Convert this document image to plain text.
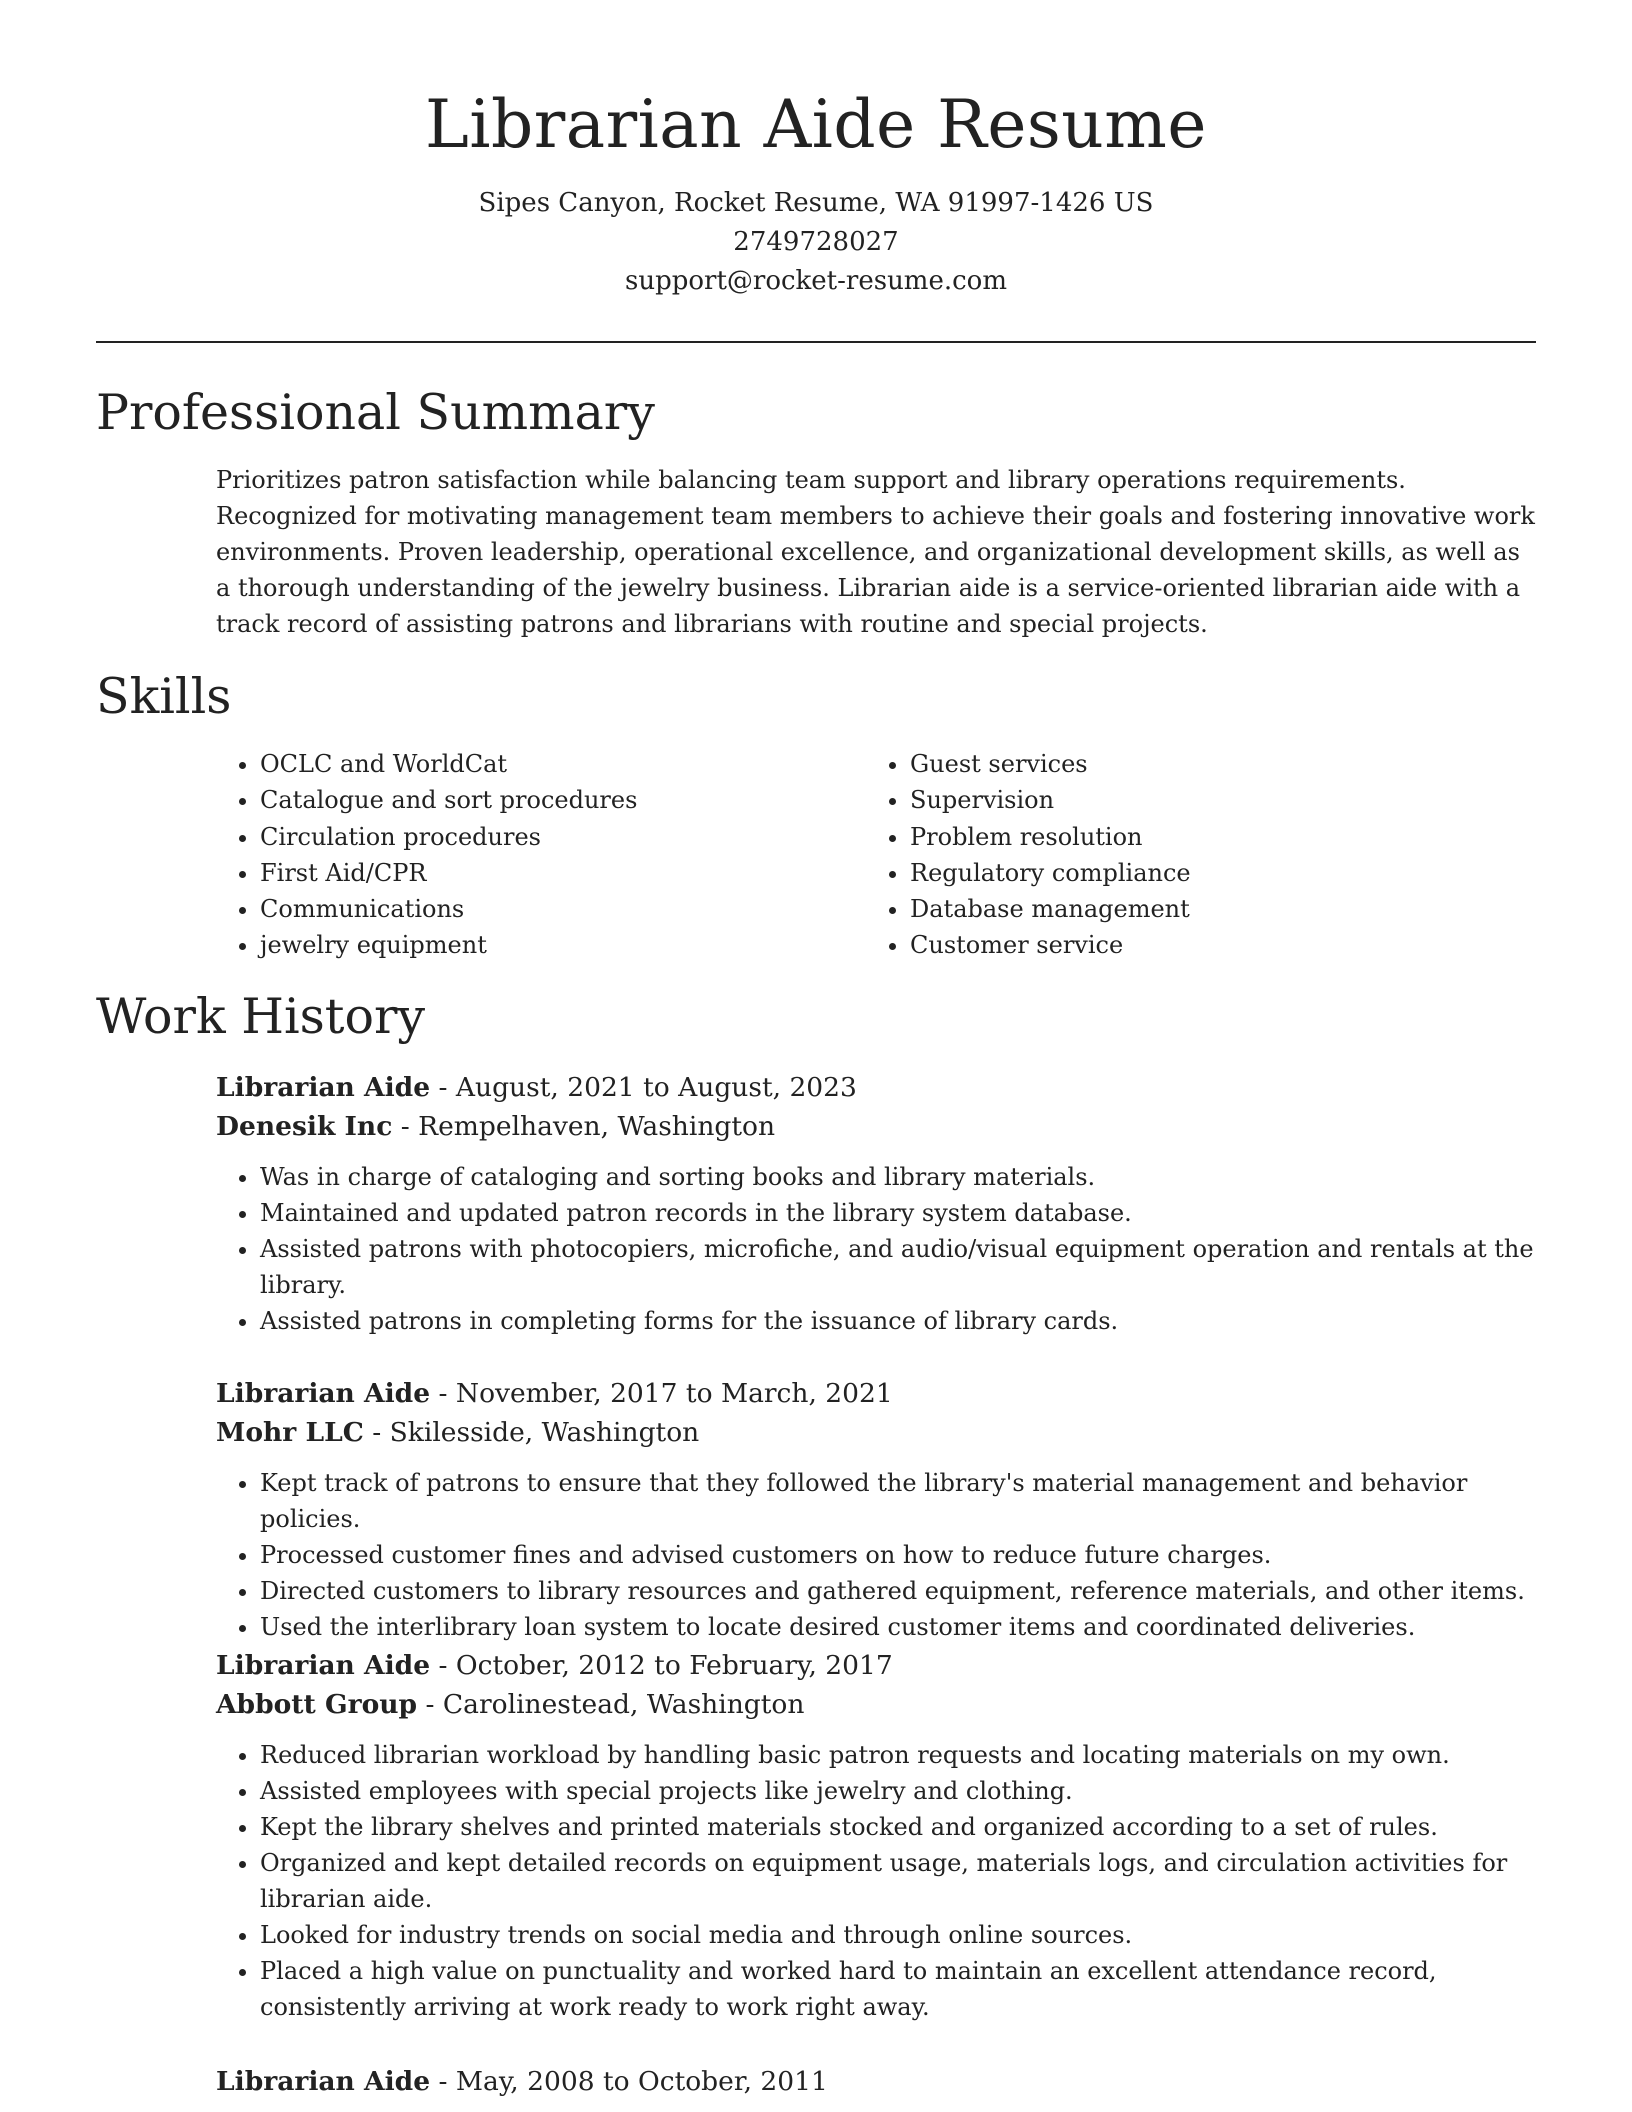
Librarian Aide Resume
Sipes Canyon, Rocket Resume, WA 91997-1426 US
2749728027
support@rocket-resume.com
Professional Summary

Prioritizes patron satisfaction while balancing team support and library operations requirements. Recognized for motivating management team members to achieve their goals and fostering innovative work environments. Proven leadership, operational excellence, and organizational development skills, as well as a thorough understanding of the jewelry business. Librarian aide is a service-oriented librarian aide with a track record of assisting patrons and librarians with routine and special projects.

Skills
• OCLC and WorldCat
• Catalogue and sort procedures
• Circulation procedures
• First Aid/CPR
• Communications
• jewelry equipment
• Guest services
• Supervision
• Problem resolution
• Regulatory compliance
• Database management
• Customer service
Work History
Librarian Aide - August, 2021 to August, 2023
Denesik Inc - Rempelhaven, Washington
• Was in charge of cataloging and sorting books and library materials.
• Maintained and updated patron records in the library system database.
• Assisted patrons with photocopiers, microfiche, and audio/visual equipment operation and rentals at the library.
• Assisted patrons in completing forms for the issuance of library cards.
Librarian Aide - November, 2017 to March, 2021
Mohr LLC - Skilesside, Washington
• Kept track of patrons to ensure that they followed the library's material management and behavior policies.
• Processed customer fines and advised customers on how to reduce future charges.
• Directed customers to library resources and gathered equipment, reference materials, and other items.
• Used the interlibrary loan system to locate desired customer items and coordinated deliveries.
Librarian Aide - October, 2012 to February, 2017
Abbott Group - Carolinestead, Washington
• Reduced librarian workload by handling basic patron requests and locating materials on my own.
• Assisted employees with special projects like jewelry and clothing.
• Kept the library shelves and printed materials stocked and organized according to a set of rules.
• Organized and kept detailed records on equipment usage, materials logs, and circulation activities for librarian aide.
• Looked for industry trends on social media and through online sources.
• Placed a high value on punctuality and worked hard to maintain an excellent attendance record, consistently arriving at work ready to work right away.
Librarian Aide - May, 2008 to October, 2011
